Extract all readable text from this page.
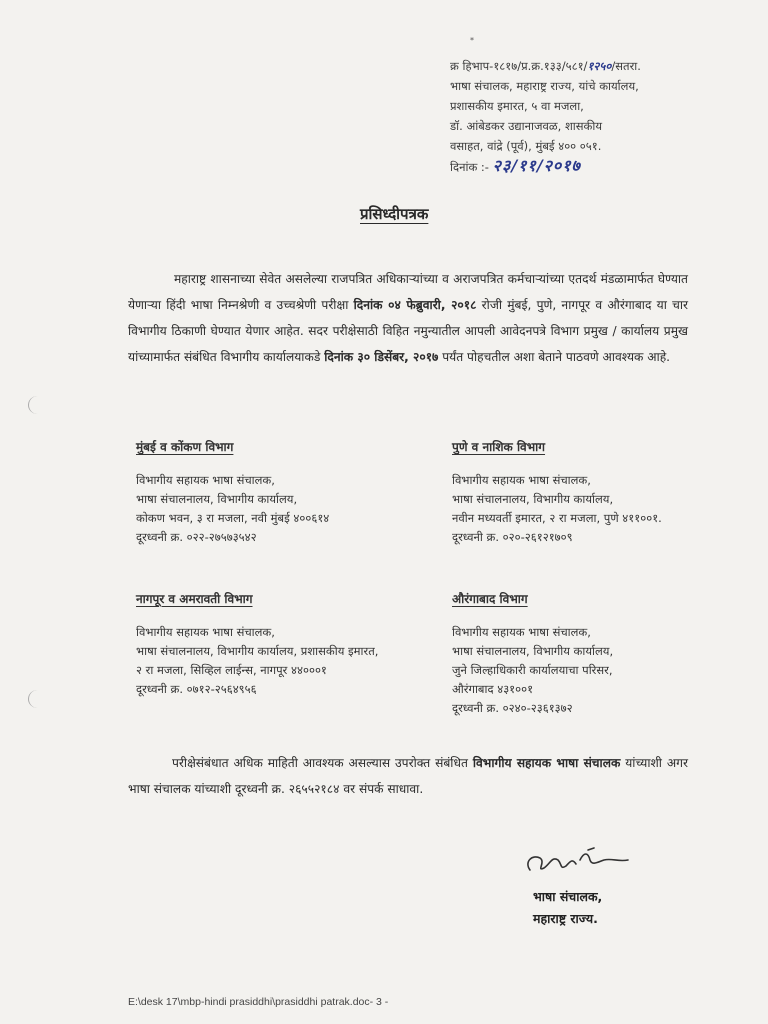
*
क्र हिभाप-१८१७/प्र.क्र.१३३/५८१/१२५०/सतरा.
भाषा संचालक, महाराष्ट्र राज्य, यांचे कार्यालय,
प्रशासकीय इमारत, ५ वा मजला,
डॉ. आंबेडकर उद्यानाजवळ, शासकीय
वसाहत, वांद्रे (पूर्व), मुंबई ४०० ०५१.
दिनांक :- २३/११/२०१७
प्रसिध्दीपत्रक
महाराष्ट्र शासनाच्या सेवेत असलेल्या राजपत्रित अधिकाऱ्यांच्या व अराजपत्रित कर्मचाऱ्यांच्या एतदर्थ मंडळामार्फत घेण्यात येणाऱ्या हिंदी भाषा निम्नश्रेणी व उच्चश्रेणी परीक्षा दिनांक ०४ फेब्रुवारी, २०१८ रोजी मुंबई, पुणे, नागपूर व औरंगाबाद या चार विभागीय ठिकाणी घेण्यात येणार आहेत. सदर परीक्षेसाठी विहित नमुन्यातील आपली आवेदनपत्रे विभाग प्रमुख / कार्यालय प्रमुख यांच्यामार्फत संबंधित विभागीय कार्यालयाकडे दिनांक ३० डिसेंबर, २०१७ पर्यंत पोहचतील अशा बेताने पाठवणे आवश्यक आहे.
मुंबई व कोंकण विभाग
विभागीय सहायक भाषा संचालक,
भाषा संचालनालय, विभागीय कार्यालय,
कोकण भवन, ३ रा मजला, नवी मुंबई ४००६१४
दूरध्वनी क्र. ०२२-२७५७३५४२
पुणे व नाशिक विभाग
विभागीय सहायक भाषा संचालक,
भाषा संचालनालय, विभागीय कार्यालय,
नवीन मध्यवर्ती इमारत, २ रा मजला, पुणे ४११००१.
दूरध्वनी क्र. ०२०-२६१२१७०९
नागपूर व अमरावती विभाग
विभागीय सहायक भाषा संचालक,
भाषा संचालनालय, विभागीय कार्यालय, प्रशासकीय इमारत,
२ रा मजला, सिव्हिल लाईन्स, नागपूर ४४०००१
दूरध्वनी क्र. ०७१२-२५६४९५६
औरंगाबाद विभाग
विभागीय सहायक भाषा संचालक,
भाषा संचालनालय, विभागीय कार्यालय,
जुने जिल्हाधिकारी कार्यालयाचा परिसर,
औरंगाबाद ४३१००१
दूरध्वनी क्र. ०२४०-२३६१३७२
परीक्षेसंबंधात अधिक माहिती आवश्यक असल्यास उपरोक्त संबंधित विभागीय सहायक भाषा संचालक यांच्याशी अगर भाषा संचालक यांच्याशी दूरध्वनी क्र. २६५५२१८४ वर संपर्क साधावा.
भाषा संचालक,
महाराष्ट्र राज्य.
E:\desk 17\mbp-hindi prasiddhi\prasiddhi patrak.doc- 3 -
